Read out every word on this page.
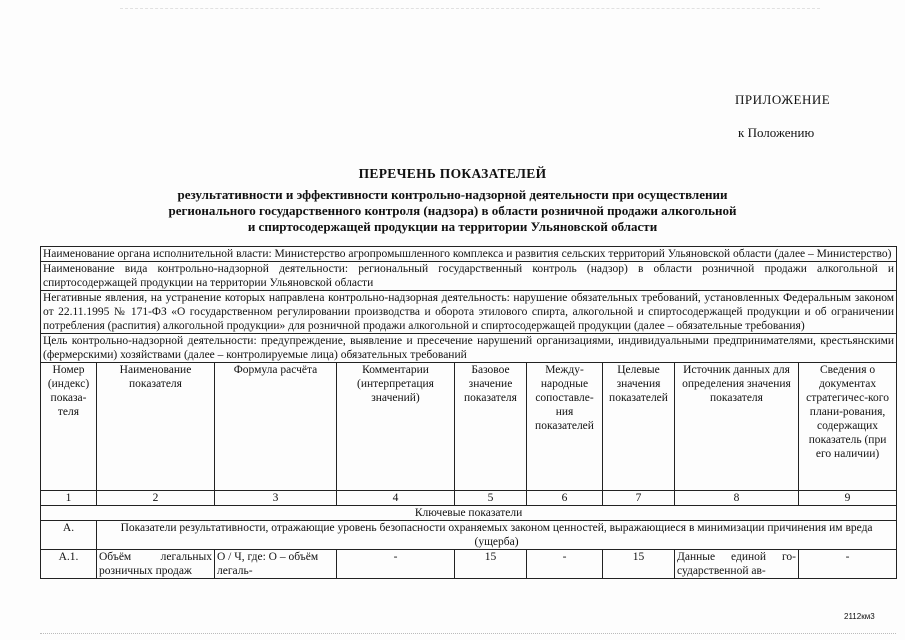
ПРИЛОЖЕНИЕ
к Положению
ПЕРЕЧЕНЬ ПОКАЗАТЕЛЕЙ
результативности и эффективности контрольно-надзорной деятельности при осуществлении
регионального государственного контроля (надзора) в области розничной продажи алкогольной
и спиртосодержащей продукции на территории Ульяновской области
Наименование органа исполнительной власти: Министерство агропромышленного комплекса и развития сельских территорий Ульяновской области (далее – Министерство)								
Наименование вида контрольно-надзорной деятельности: региональный государственный контроль (надзор) в области розничной продажи алкогольной и спиртосодержащей продукции на территории Ульяновской области								
Негативные явления, на устранение которых направлена контрольно-надзорная деятельность: нарушение обязательных требований, установленных Федеральным законом от 22.11.1995 № 171-ФЗ «О государственном регулировании производства и оборота этилового спирта, алкогольной и спиртосодержащей продукции и об ограничении потребления (распития) алкогольной продукции» для розничной продажи алкогольной и спиртосодержащей продукции (далее – обязательные требования)								
Цель контрольно-надзорной деятельности: предупреждение, выявление и пресечение нарушений организациями, индивидуальными предпринимателями, крестьянскими (фермерскими) хозяйствами (далее – контролируемые лица) обязательных требований								
Номер (индекс) показа-теля	Наименование показателя	Формула расчёта	Комментарии (интерпретация значений)	Базовое значение показателя	Между-народные сопоставле-ния показателей	Целевые значения показателей	Источник данных для определения значения показателя	Сведения о документах стратегичес-кого плани-рования, содержащих показатель (при его наличии)
1	2	3	4	5	6	7	8	9
Ключевые показатели								
А.	Показатели результативности, отражающие уровень безопасности охраняемых законом ценностей, выражающиеся в минимизации причинения им вреда (ущерба)							
А.1.	Объём легальных розничных продаж	О / Ч, где: О – объём легаль-	-	15	-	15	Данные единой го-сударственной ав-	-
2112км3
